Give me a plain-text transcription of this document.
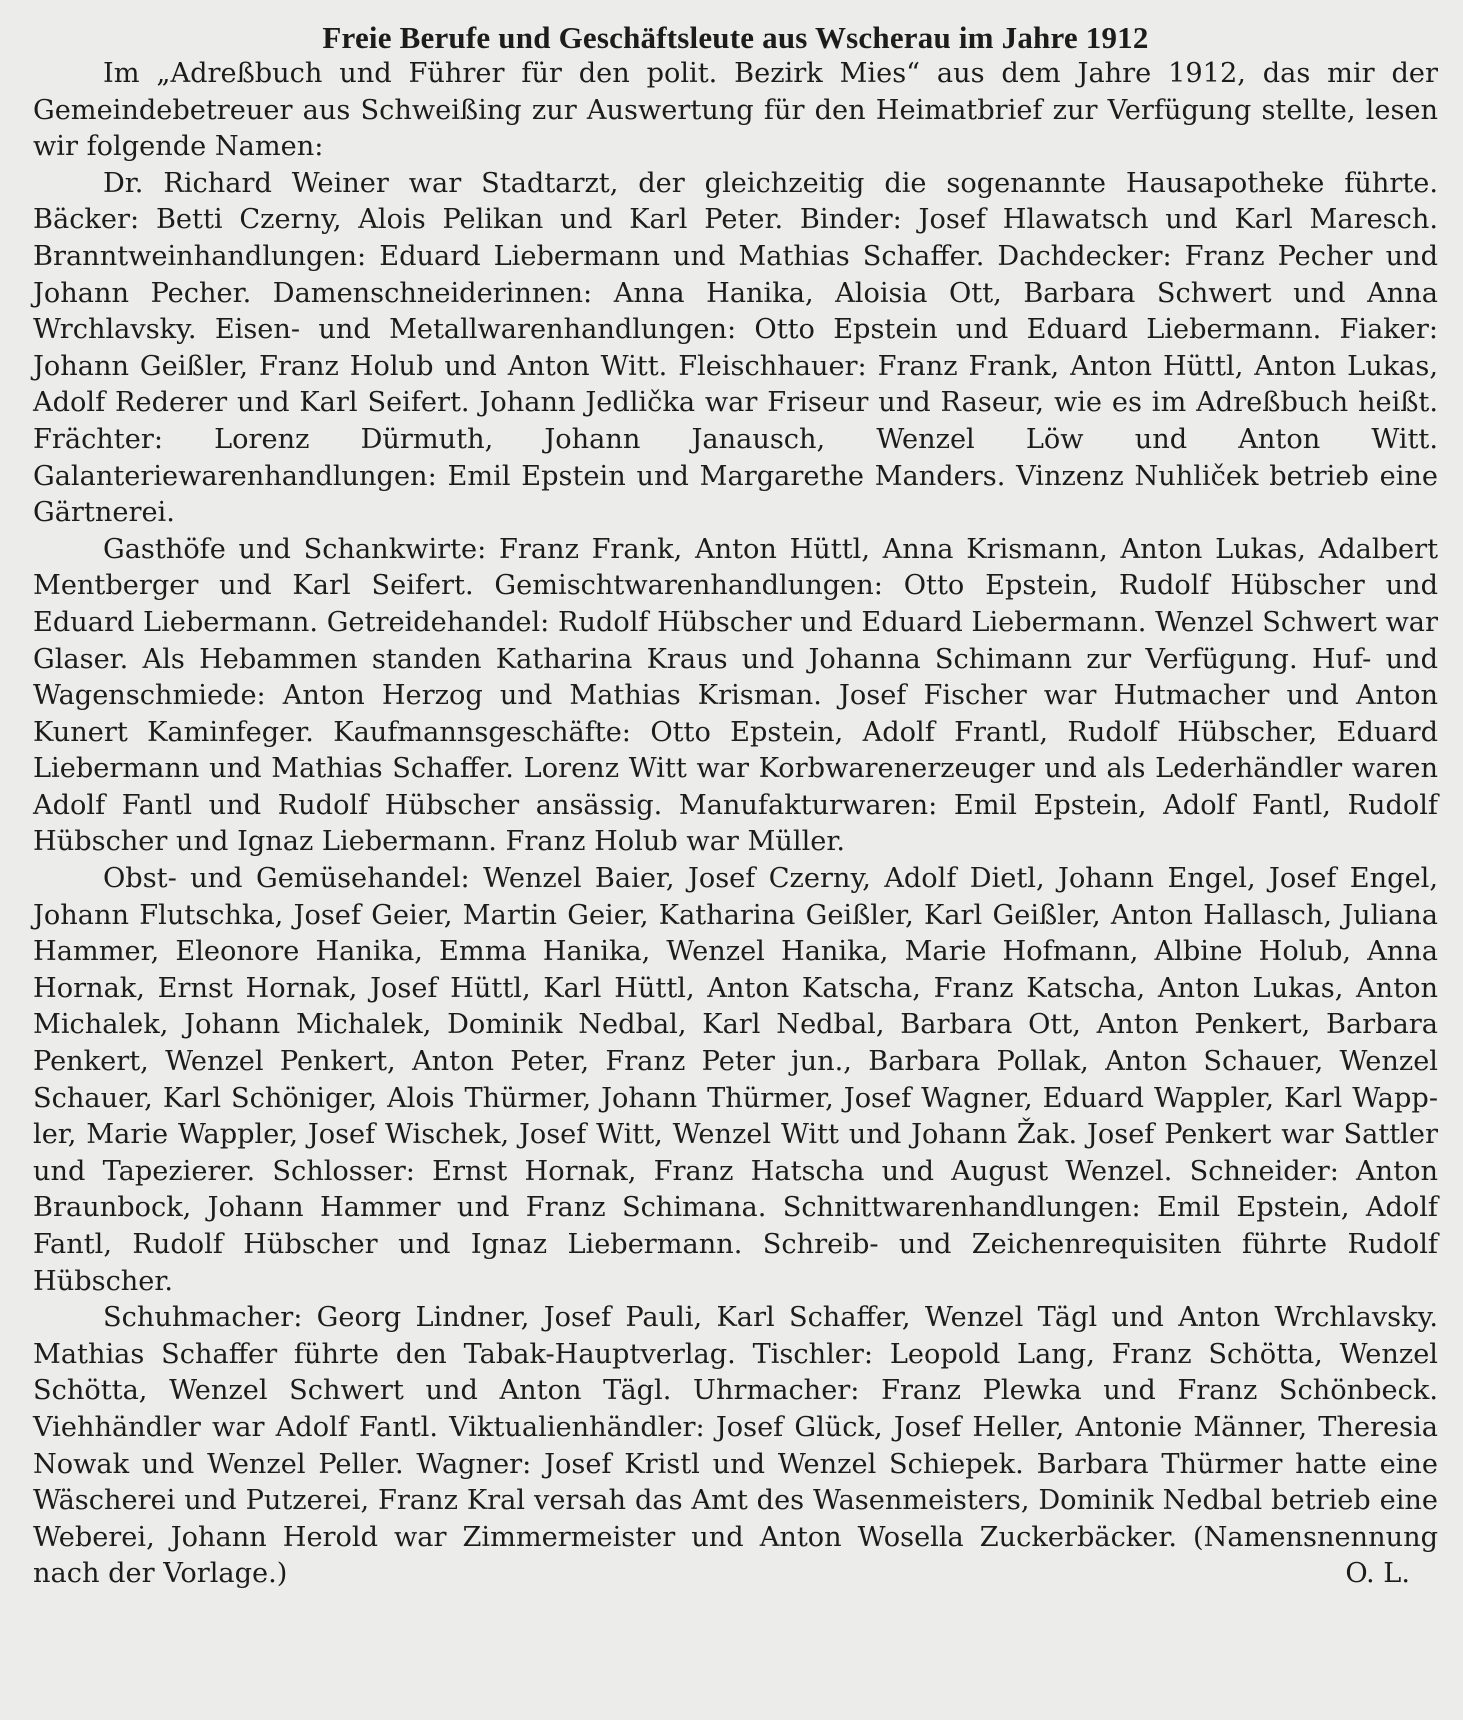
Freie Berufe und Geschäftsleute aus Wscherau im Jahre 1912

Im „Adreßbuch und Führer für den polit. Bezirk Mies“ aus dem Jahre 1912, das mir der Gemeindebetreuer aus Schweißing zur Auswertung für den Heimatbrief zur Verfügung stellte, lesen wir folgende Namen:

Dr. Richard Weiner war Stadtarzt, der gleichzeitig die sogenannte Hausapotheke führte. Bäcker: Betti Czerny, Alois Pelikan und Karl Peter. Binder: Josef Hlawatsch und Karl Maresch. Branntweinhandlungen: Eduard Liebermann und Mathias Schaffer. Dachdecker: Franz Pecher und Johann Pecher. Damenschneiderinnen: Anna Hanika, Aloisia Ott, Barbara Schwert und Anna Wrchlavsky. Eisen- und Metallwarenhandlungen: Otto Epstein und Eduard Liebermann. Fiaker: Johann Geißler, Franz Holub und Anton Witt. Fleischhauer: Franz Frank, Anton Hüttl, Anton Lukas, Adolf Rederer und Karl Seifert. Johann Jedlička war Friseur und Raseur, wie es im Adreßbuch heißt. Frächter: Lorenz Dürmuth, Johann Janausch, Wenzel Löw und Anton Witt. Galanteriewarenhandlungen: Emil Epstein und Margarethe Manders. Vinzenz Nuhliček betrieb eine Gärtnerei.

Gasthöfe und Schankwirte: Franz Frank, Anton Hüttl, Anna Krismann, Anton Lukas, Adalbert Mentberger und Karl Seifert. Gemischtwarenhandlungen: Otto Epstein, Rudolf Hübscher und Eduard Liebermann. Getreidehandel: Rudolf Hübscher und Eduard Liebermann. Wenzel Schwert war Glaser. Als Hebammen standen Katharina Kraus und Johanna Schimann zur Verfügung. Huf- und Wagenschmiede: Anton Herzog und Mathias Krisman. Josef Fischer war Hutmacher und Anton Kunert Kaminfeger. Kaufmannsgeschäfte: Otto Epstein, Adolf Frantl, Rudolf Hübscher, Eduard Liebermann und Mathias Schaffer. Lorenz Witt war Korbwarenerzeuger und als Lederhändler waren Adolf Fantl und Rudolf Hübscher ansässig. Manufakturwaren: Emil Epstein, Adolf Fantl, Rudolf Hübscher und Ignaz Liebermann. Franz Holub war Müller.

Obst- und Gemüsehandel: Wenzel Baier, Josef Czerny, Adolf Dietl, Johann Engel, Josef Engel, Johann Flutschka, Josef Geier, Martin Geier, Katharina Geißler, Karl Geißler, Anton Hallasch, Juliana Hammer, Eleonore Hanika, Emma Hanika, Wenzel Hanika, Marie Hofmann, Albine Holub, Anna Hornak, Ernst Hornak, Josef Hüttl, Karl Hüttl, Anton Katscha, Franz Katscha, Anton Lukas, Anton Michalek, Johann Michalek, Dominik Nedbal, Karl Nedbal, Barbara Ott, Anton Penkert, Barbara Penkert, Wenzel Penkert, Anton Peter, Franz Peter jun., Barbara Pollak, Anton Schauer, Wenzel Schauer, Karl Schöniger, Alois Thürmer, Johann Thürmer, Josef Wagner, Eduard Wappler, Karl Wappler, Marie Wappler, Josef Wischek, Josef Witt, Wenzel Witt und Johann Žak. Josef Penkert war Sattler und Tapezierer. Schlosser: Ernst Hornak, Franz Hatscha und August Wenzel. Schneider: Anton Braunbock, Johann Hammer und Franz Schimana. Schnittwarenhandlungen: Emil Epstein, Adolf Fantl, Rudolf Hübscher und Ignaz Liebermann. Schreib- und Zeichenrequisiten führte Rudolf Hübscher.

Schuhmacher: Georg Lindner, Josef Pauli, Karl Schaffer, Wenzel Tägl und Anton Wrchlavsky. Mathias Schaffer führte den Tabak-Hauptverlag. Tischler: Leopold Lang, Franz Schötta, Wenzel Schötta, Wenzel Schwert und Anton Tägl. Uhrmacher: Franz Plewka und Franz Schönbeck. Viehhändler war Adolf Fantl. Viktualienhändler: Josef Glück, Josef Heller, Antonie Männer, Theresia Nowak und Wenzel Peller. Wagner: Josef Kristl und Wenzel Schiepek. Barbara Thürmer hatte eine Wäscherei und Putzerei, Franz Kral versah das Amt des Wasenmeisters, Dominik Nedbal betrieb eine Weberei, Johann Herold war Zimmermeister und Anton Wosella Zuckerbäcker. (Namensnennung nach der Vorlage.)	O. L.
